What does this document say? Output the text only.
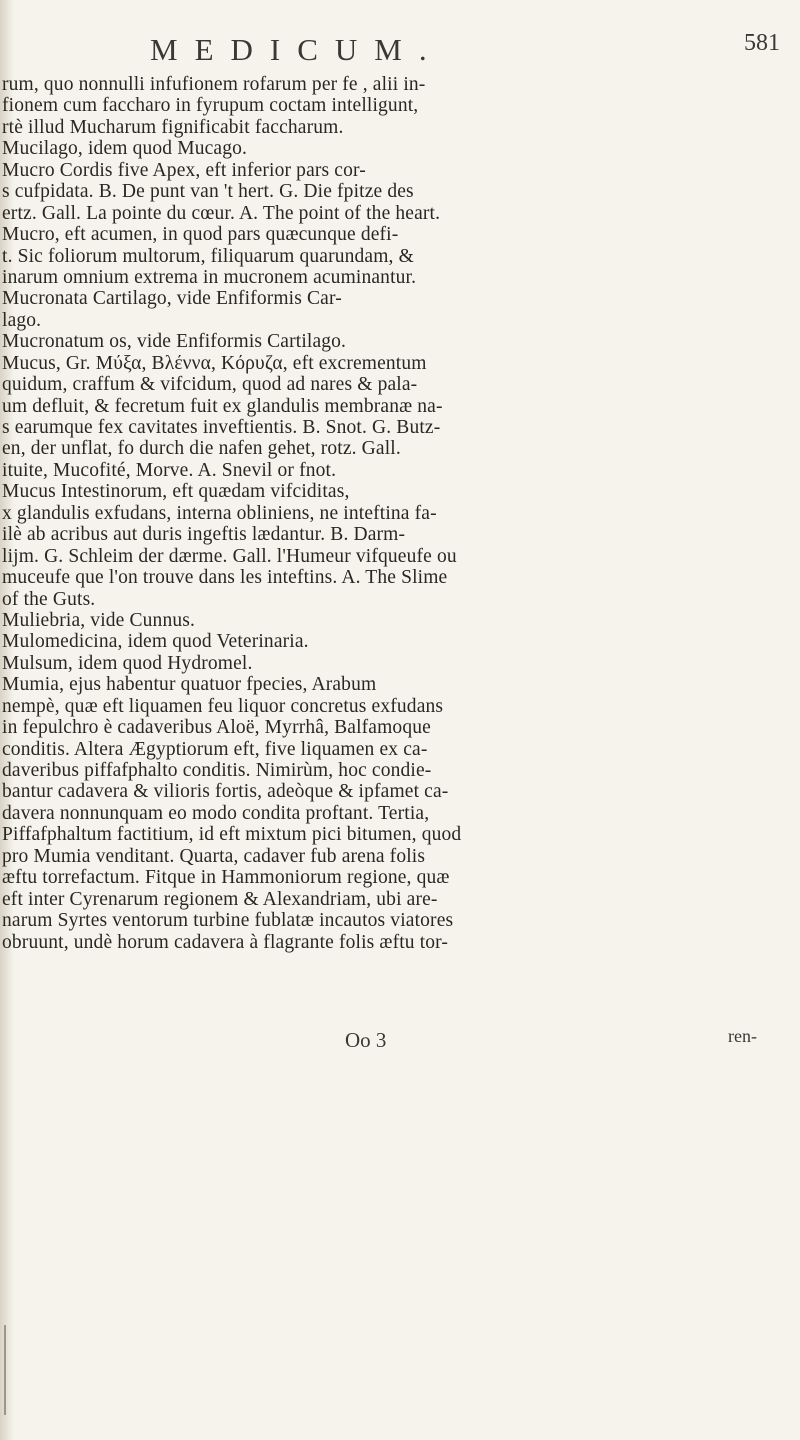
MEDICUM.	581
rum, quo nonnulli infufionem rofarum per fe , alii in-
fionem cum faccharo in fyrupum coctam intelligunt,
rtè illud Mucharum fignificabit faccharum.
Mucilago, idem quod Mucago.
Mucro Cordis five Apex, eft inferior pars cor-
s cufpidata. B. De punt van 't hert. G. Die fpitze des
ertz. Gall. La pointe du cœur. A. The point of the heart.
Mucro, eft acumen, in quod pars quæcunque defi-
t. Sic foliorum multorum, filiquarum quarundam, &
inarum omnium extrema in mucronem acuminantur.
Mucronata Cartilago, vide Enfiformis Car-
lago.
Mucronatum os, vide Enfiformis Cartilago.
Mucus, Gr. Μύξα, Βλέννα, Κόρυζα, eft excrementum
quidum, craffum & vifcidum, quod ad nares & pala-
um defluit, & fecretum fuit ex glandulis membranæ na-
s earumque fex cavitates inveftientis. B. Snot. G. Butz-
en, der unflat, fo durch die nafen gehet, rotz. Gall.
ituite, Mucofité, Morve. A. Snevil or fnot.
Mucus Intestinorum, eft quædam vifciditas,
x glandulis exfudans, interna obliniens, ne inteftina fa-
ilè ab acribus aut duris ingeftis lædantur. B. Darm-
lijm. G. Schleim der dærme. Gall. l'Humeur vifqueufe ou
muceufe que l'on trouve dans les inteftins. A. The Slime
of the Guts.
Muliebria, vide Cunnus.
Mulomedicina, idem quod Veterinaria.
Mulsum, idem quod Hydromel.
Mumia, ejus habentur quatuor fpecies, Arabum
nempè, quæ eft liquamen feu liquor concretus exfudans
in fepulchro è cadaveribus Aloë, Myrrhâ, Balfamoque
conditis. Altera Ægyptiorum eft, five liquamen ex ca-
daveribus piffafphalto conditis. Nimirùm, hoc condie-
bantur cadavera & vilioris fortis, adeòque & ipfamet ca-
davera nonnunquam eo modo condita proftant. Tertia,
Piffafphaltum factitium, id eft mixtum pici bitumen, quod
pro Mumia venditant. Quarta, cadaver fub arena folis
æftu torrefactum. Fitque in Hammoniorum regione, quæ
eft inter Cyrenarum regionem & Alexandriam, ubi are-
narum Syrtes ventorum turbine fublatæ incautos viatores
obruunt, undè horum cadavera à flagrante folis æftu tor-
Oo 3	ren-
